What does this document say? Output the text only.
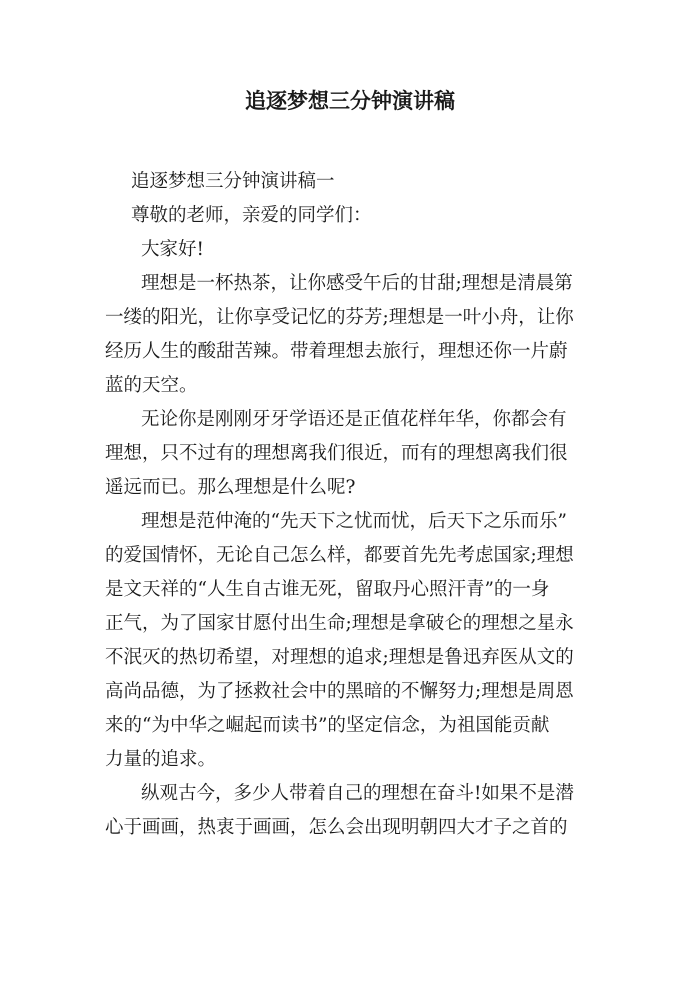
追逐梦想三分钟演讲稿
追逐梦想三分钟演讲稿一
尊敬的老师，亲爱的同学们：
大家好!
理想是一杯热茶，让你感受午后的甘甜;理想是清晨第
一缕的阳光，让你享受记忆的芬芳;理想是一叶小舟，让你
经历人生的酸甜苦辣。带着理想去旅行，理想还你一片蔚
蓝的天空。
无论你是刚刚牙牙学语还是正值花样年华，你都会有
理想，只不过有的理想离我们很近，而有的理想离我们很
遥远而已。那么理想是什么呢?
理想是范仲淹的“先天下之忧而忧，后天下之乐而乐”
的爱国情怀，无论自己怎么样，都要首先先考虑国家;理想
是文天祥的“人生自古谁无死，留取丹心照汗青”的一身
正气，为了国家甘愿付出生命;理想是拿破仑的理想之星永
不泯灭的热切希望，对理想的追求;理想是鲁迅弃医从文的
高尚品德，为了拯救社会中的黑暗的不懈努力;理想是周恩
来的“为中华之崛起而读书”的坚定信念，为祖国能贡献
力量的追求。
纵观古今，多少人带着自己的理想在奋斗!如果不是潜
心于画画，热衷于画画，怎么会出现明朝四大才子之首的
